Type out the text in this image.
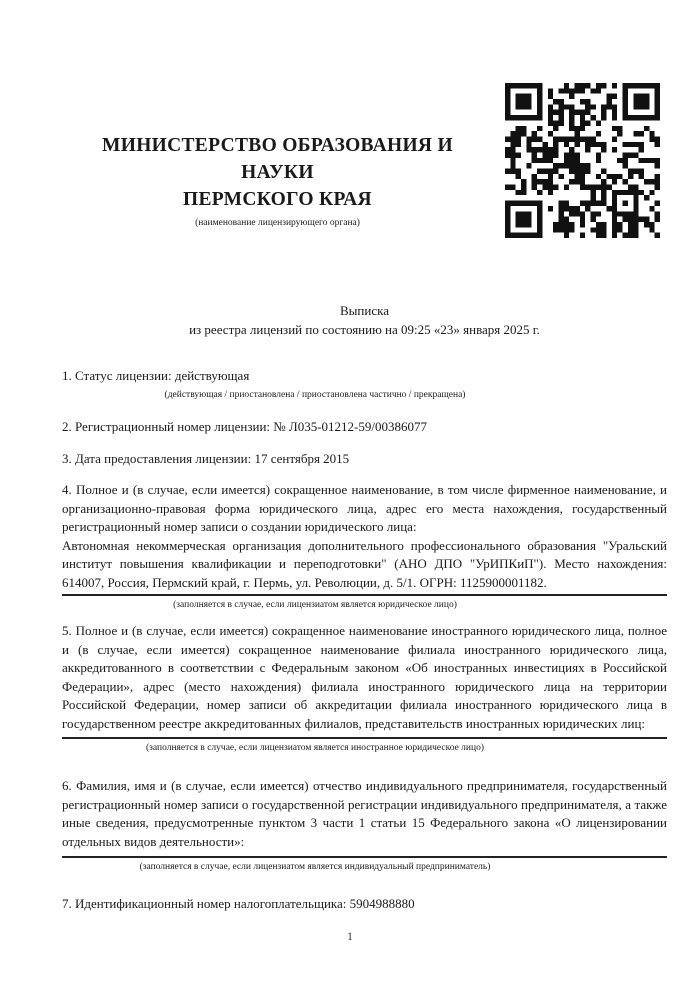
МИНИСТЕРСТВО ОБРАЗОВАНИЯ И НАУКИ
ПЕРМСКОГО КРАЯ
(наименование лицензирующего органа)
Выписка
из реестра лицензий по состоянию на 09:25 «23» января 2025 г.
1. Статус лицензии: действующая
(действующая / приостановлена / приостановлена частично / прекращена)
2. Регистрационный номер лицензии: № Л035-01212-59/00386077
3. Дата предоставления лицензии: 17 сентября 2015
4. Полное и (в случае, если имеется) сокращенное наименование, в том числе фирменное наименование, и организационно-правовая форма юридического лица, адрес его места нахождения, государственный регистрационный номер записи о создании юридического лица:
Автономная некоммерческая организация дополнительного профессионального образования "Уральский институт повышения квалификации и переподготовки" (АНО ДПО "УрИПКиП"). Место нахождения: 614007, Россия, Пермский край, г. Пермь, ул. Революции, д. 5/1. ОГРН: 1125900001182.
(заполняется в случае, если лицензиатом является юридическое лицо)
5. Полное и (в случае, если имеется) сокращенное наименование иностранного юридического лица, полное и (в случае, если имеется) сокращенное наименование филиала иностранного юридического лица, аккредитованного в соответствии с Федеральным законом «Об иностранных инвестициях в Российской Федерации», адрес (место нахождения) филиала иностранного юридического лица на территории Российской Федерации, номер записи об аккредитации филиала иностранного юридического лица в государственном реестре аккредитованных филиалов, представительств иностранных юридических лиц:
(заполняется в случае, если лицензиатом является иностранное юридическое лицо)
6. Фамилия, имя и (в случае, если имеется) отчество индивидуального предпринимателя, государственный регистрационный номер записи о государственной регистрации индивидуального предпринимателя, а также иные сведения, предусмотренные пунктом 3 части 1 статьи 15 Федерального закона «О лицензировании отдельных видов деятельности»:
(заполняется в случае, если лицензиатом является индивидуальный предприниматель)
7. Идентификационный номер налогоплательщика: 5904988880
1
